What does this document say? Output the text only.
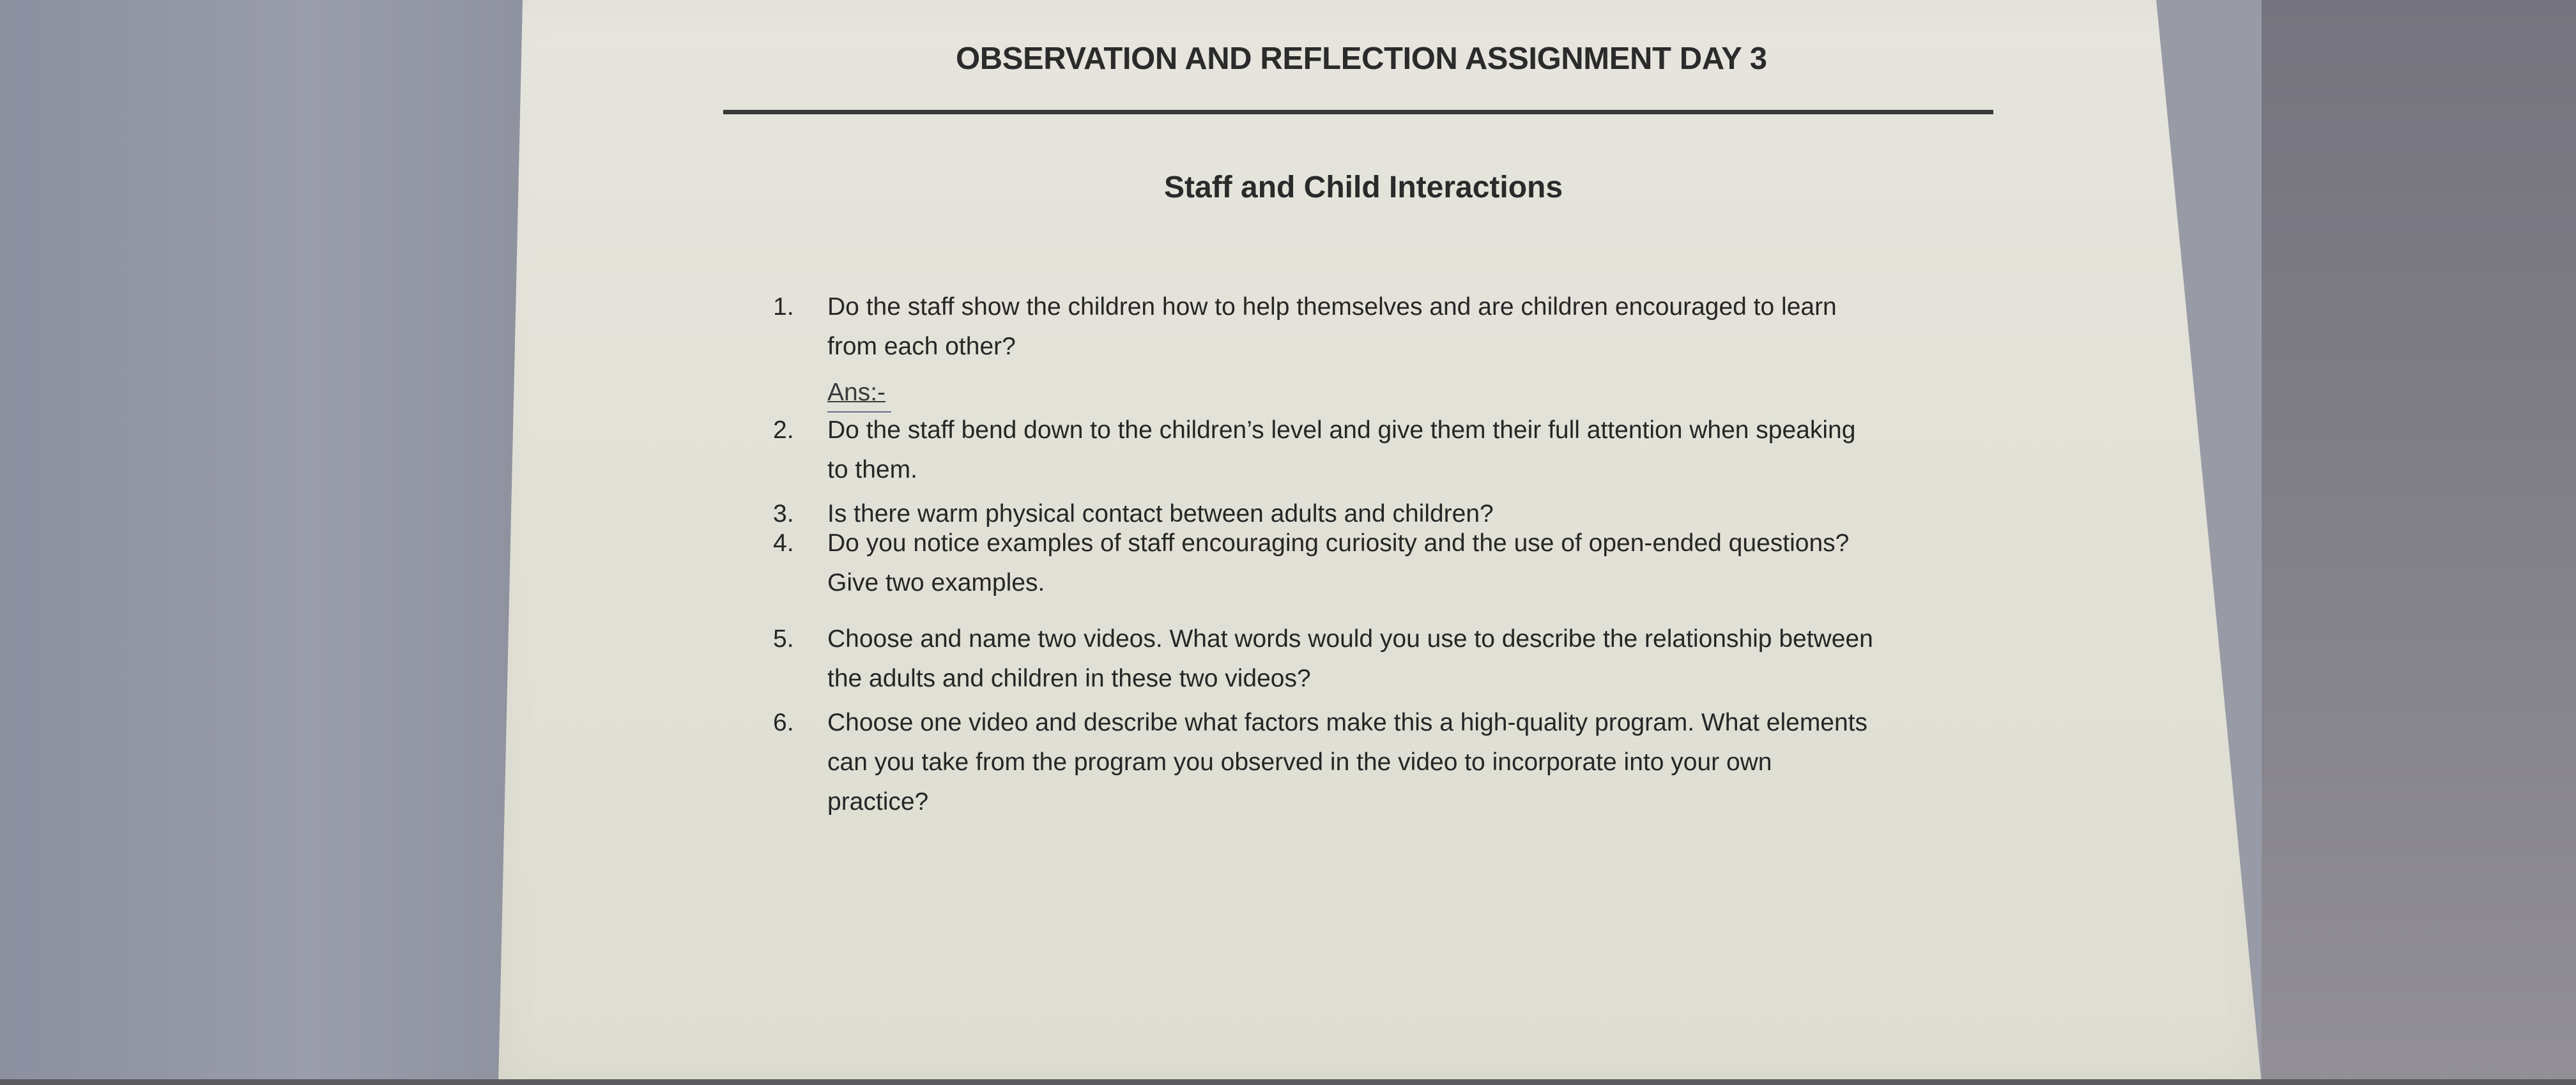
OBSERVATION AND REFLECTION ASSIGNMENT DAY 3
Staff and Child Interactions
1.	Do the staff show the children how to help themselves and are children encouraged to learn
from each other?
Ans:-
2.	Do the staff bend down to the children’s level and give them their full attention when speaking
to them.
3.	Is there warm physical contact between adults and children?
4.	Do you notice examples of staff encouraging curiosity and the use of open-ended questions?
Give two examples.
5.	Choose and name two videos. What words would you use to describe the relationship between
the adults and children in these two videos?
6.	Choose one video and describe what factors make this a high-quality program. What elements
can you take from the program you observed in the video to incorporate into your own
practice?
